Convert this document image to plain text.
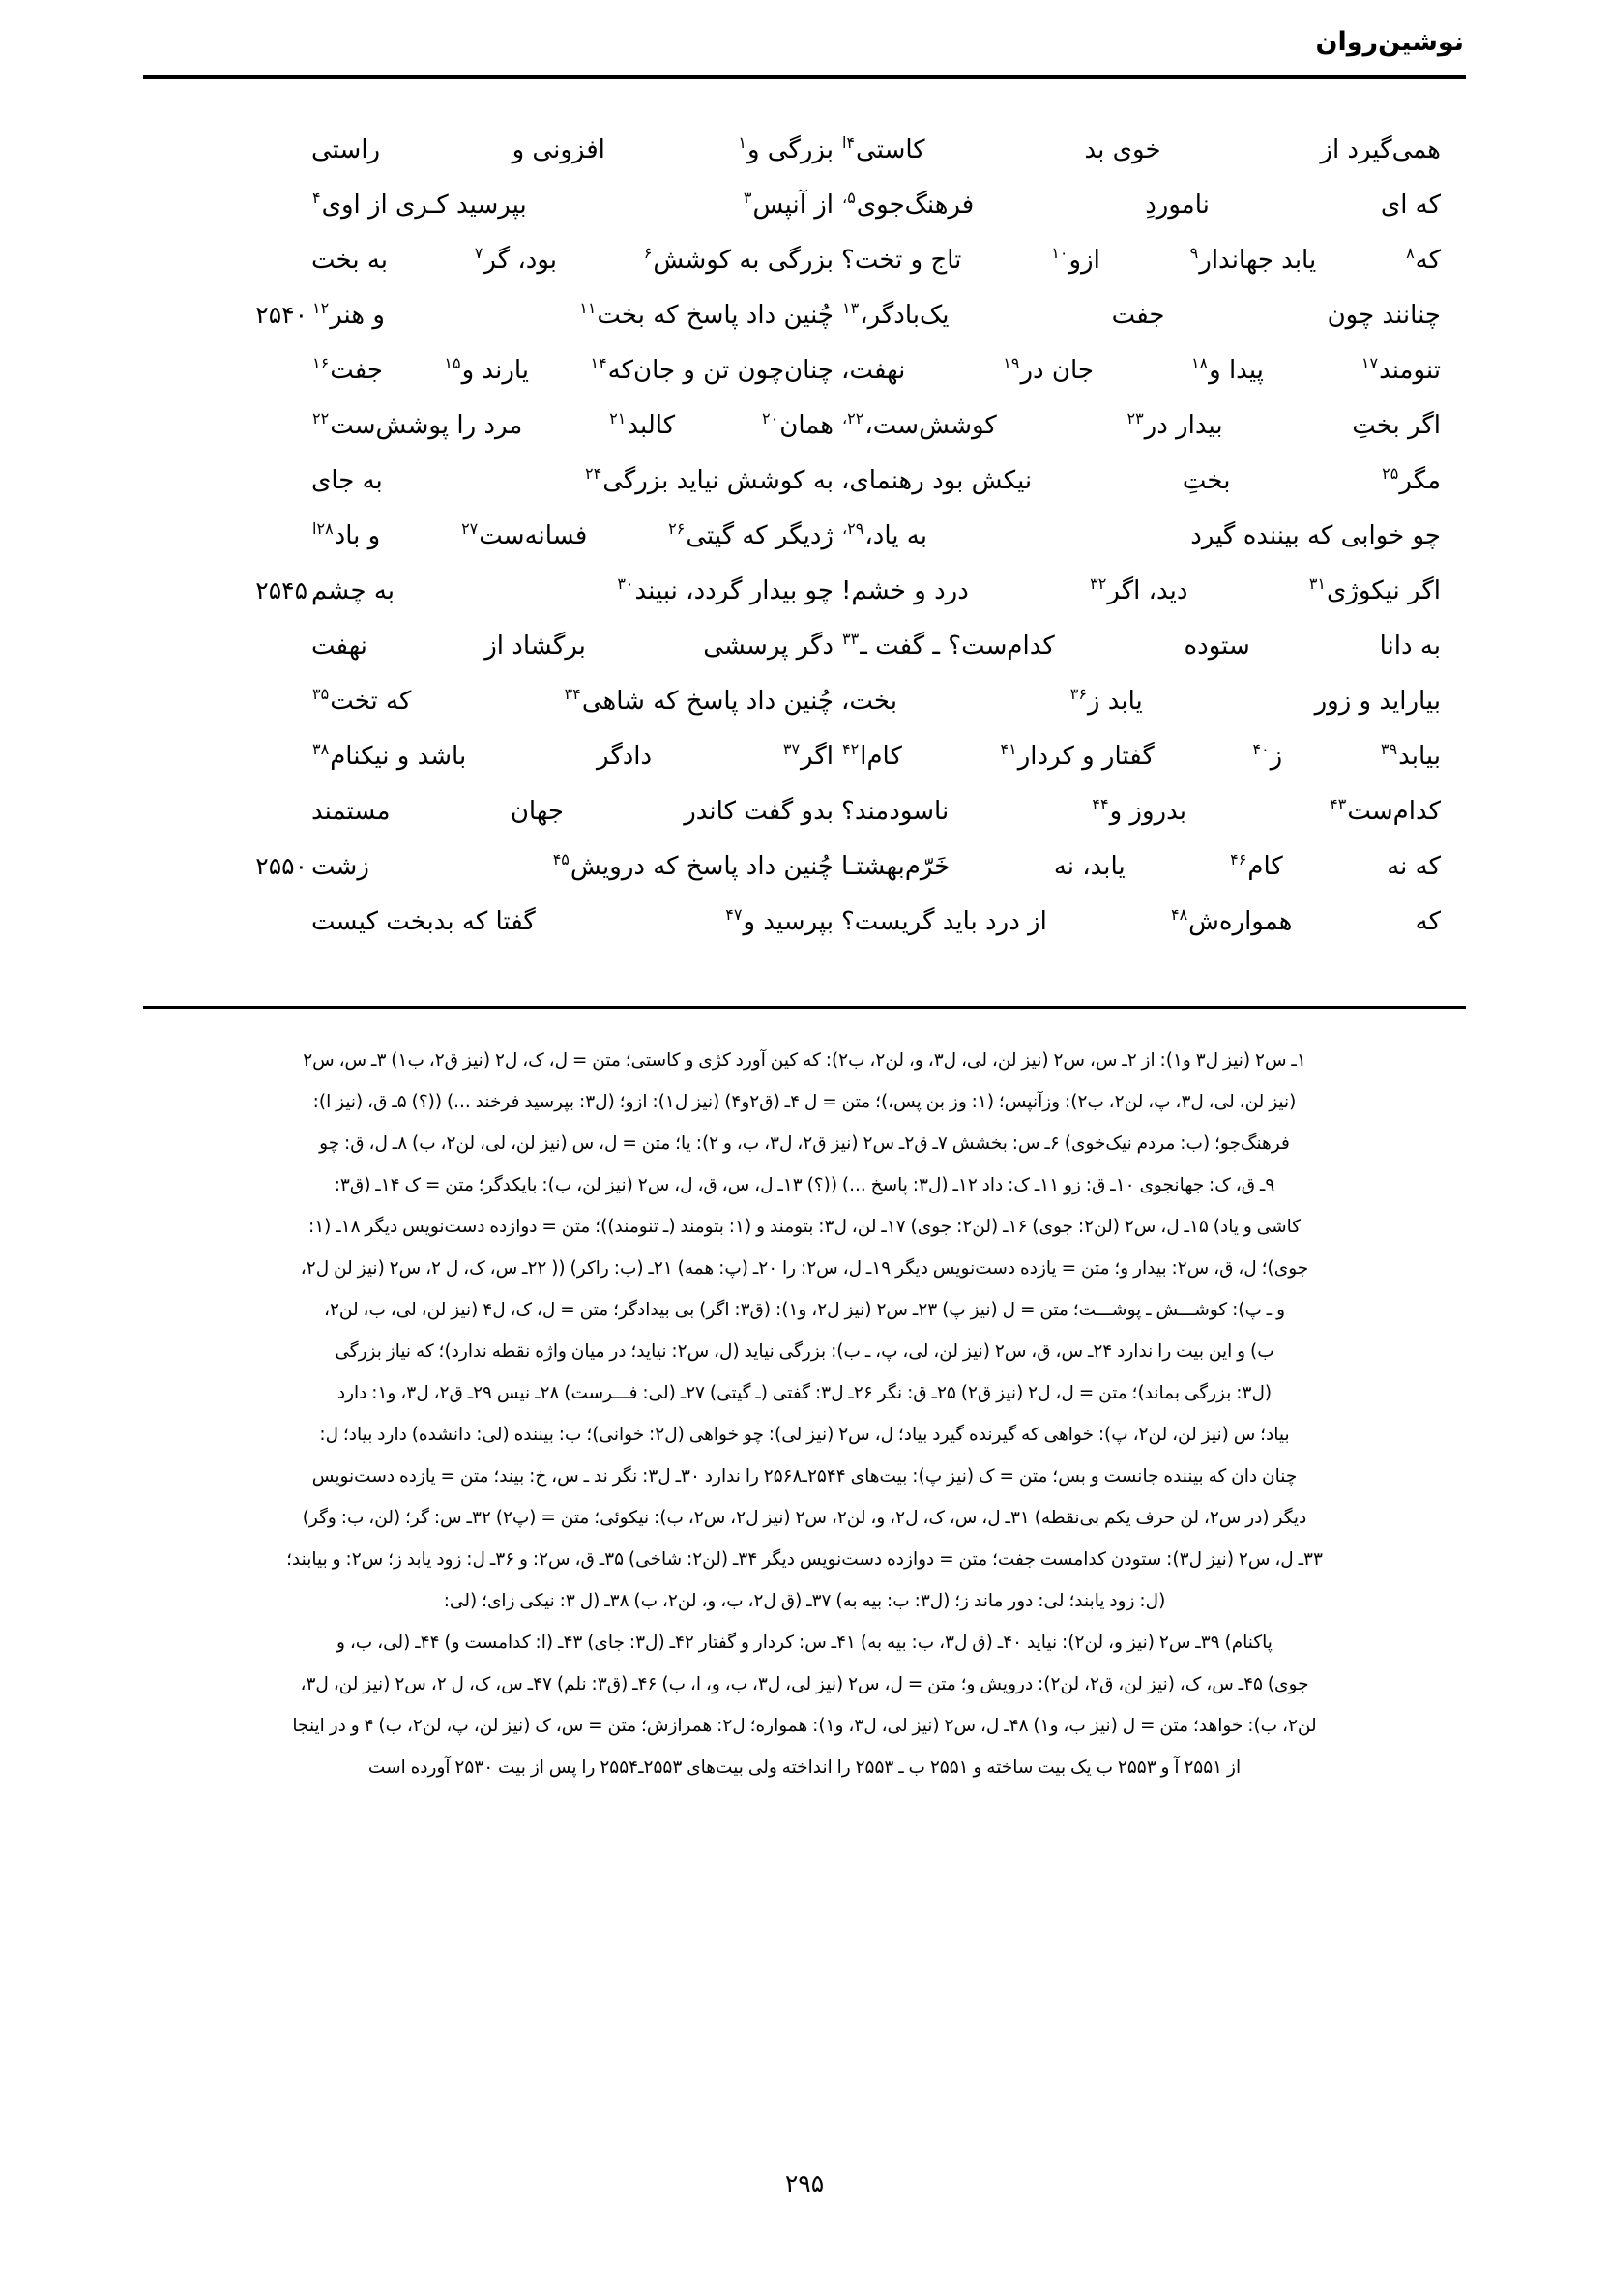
نوشین‌روان
همی‌گیرد از
خوی بد
کاستی$^{۴ا}$
بزرگی و$^۱$
افزونی و
راستی
که ای
ناموردِ
فرهنگ‌جوی$^{۵،}$
از آنپس$^۳$
بپرسید کـری از اوی$^۴$
که$^۸$
یابد جهاندار$^۹$
ازو$^{۱۰}$
تاج و تخت؟
بزرگی به کوشش$^۶$
بود، گر$^۷$
به بخت
چنانند چون
جفت
یک‌بادگر،$^{۱۳}$
چُنین داد پاسخ که بخت$^{۱۱}$
و هنر$^{۱۲}$
۲۵۴۰
تنومند$^{۱۷}$
پیدا و$^{۱۸}$
جان در$^{۱۹}$
نهفت،
چنان‌چون تن و جان‌که$^{۱۴}$
یارند و$^{۱۵}$
جفت$^{۱۶}$
اگر بختِ
بیدار در$^{۲۳}$
کوشش‌ست،$^{۲۲،}$
همان$^{۲۰}$
کالبد$^{۲۱}$
مرد را پوشش‌ست$^{۲۲}$
مگر$^{۲۵}$
بختِ
نیکش بود رهنمای،
به کوشش نیاید بزرگی$^{۲۴}$
به جای
چو خوابی که بیننده گیرد
به یاد،$^{۲۹،}$
ژدیگر که گیتی$^{۲۶}$
فسانه‌ست$^{۲۷}$
و باد$^{۲۸ا}$
اگر نیکوژی$^{۳۱}$
دید، اگر$^{۳۲}$
درد و خشم!
چو بیدار گردد، نبیند$^{۳۰}$
به چشم
۲۵۴۵
به دانا
ستوده
کدام‌ست؟ ـ گفت ـ$^{۳۳}$
دگر پرسشی
برگشاد از
نهفت
بیاراید و زور
یابد ز$^{۳۶}$
بخت،
چُنین داد پاسخ که شاهی$^{۳۴}$
که تخت$^{۳۵}$
بیابد$^{۳۹}$
ز$^{۴۰}$
گفتار و کردار$^{۴۱}$
کام‌ا$^{۴۲}$
اگر$^{۳۷}$
دادگر
باشد و نیکنام$^{۳۸}$
کدام‌ست$^{۴۳}$
بدروز و$^{۴۴}$
ناسودمند؟
بدو گفت کاندر
جهان
مستمند
که نه
کام$^{۴۶}$
یابد، نه
خَرّم‌بهشتـا
چُنین داد پاسخ که درویش$^{۴۵}$
زشت
۲۵۵۰
که
همواره‌ش$^{۴۸}$
از درد باید گریست؟
بپرسید و$^{۴۷}$
گفتا که بدبخت کیست

۱ـ س۲ (نیز ل۳ و۱): از ۲ـ س، س۲ (نیز لن، لی، ل۳، و، لن۲، ب۲): که کین آورد کژی و کاستی؛ متن = ل، ک، ل۲ (نیز ق۲، ب۱) ۳ـ س، س۲

(نیز لن، لی، ل۳، پ، لن۲، ب۲): وزآنپس؛ (۱: وز بن پس،)؛ متن = ل ۴ـ (ق۲و۴) (نیز ل۱): ازو؛ (ل۳: بپرسید فرخند ...) ((؟) ۵ـ ق، (نیز ا):

فرهنگ‌جو؛ (ب: مردم نیک‌خوی) ۶ـ س: بخشش ۷ـ ق۲ـ س۲ (نیز ق۲، ل۳، ب، و ۲): یا؛ متن = ل، س (نیز لن، لی، لن۲، ب) ۸ـ ل، ق: چو

۹ـ ق، ک: جهانجوی ۱۰ـ ق: زو ۱۱ـ ک: داد ۱۲ـ (ل۳: پاسخ ...) ((؟) ۱۳ـ ل، س، ق، ل، س۲ (نیز لن، ب): بایکدگر؛ متن = ک ۱۴ـ (ق۳:

کاشی و یاد) ۱۵ـ ل، س۲ (لن۲: جوی) ۱۶ـ (لن۲: جوی) ۱۷ـ لن، ل۳: بتومند و (۱: بتومند (ـ تنومند))؛ متن = دوازده دست‌نویس دیگر ۱۸ـ (۱:

جوی)؛ ل، ق، س۲: بیدار و؛ متن = یازده دست‌نویس دیگر ۱۹ـ ل، س۲: را ۲۰ـ (پ: همه) ۲۱ـ (ب: راکر) (( ۲۲ـ س، ک، ل ۲، س۲ (نیز لن ل۲،

و ـ پ): کوشـــش ـ پوشـــت؛ متن = ل (نیز پ) ۲۳ـ س۲ (نیز ل۲، و۱): (ق۳: اگر) بی بیدادگر؛ متن = ل، ک، ل۴ (نیز لن، لی، ب، لن۲،

ب) و این بیت را ندارد ۲۴ـ س، ق، س۲ (نیز لن، لی، پ، ـ ب): بزرگی نیاید (ل، س۲: نیاید؛ در میان واژه نقطه ندارد)؛ که نیاز بزرگی

(ل۳: بزرگی بماند)؛ متن = ل، ل۲ (نیز ق۲) ۲۵ـ ق: نگر ۲۶ـ ل۳: گفتی (ـ گیتی) ۲۷ـ (لی: فـــرست) ۲۸ـ نیس ۲۹ـ ق۲، ل۳، و۱: دارد

بیاد؛ س (نیز لن، لن۲، پ): خواهی که گیرنده گیرد بیاد؛ ل، س۲ (نیز لی): چو خواهی (ل۲: خوانی)؛ ب: بیننده (لی: دانشده) دارد بیاد؛ ل:

چنان دان که بیننده جانست و بس؛ متن = ک (نیز پ): بیت‌های ۲۵۴۴ـ۲۵۶۸ را ندارد ۳۰ـ ل۳: نگر ند ـ س، خ: بیند؛ متن = یازده دست‌نویس

دیگر (در س۲، لن حرف یکم بی‌نقطه) ۳۱ـ ل، س، ک، ل۲، و، لن۲، س۲ (نیز ل۲، س۲، ب): نیکوئی؛ متن = (پ۲) ۳۲ـ س: گر؛ (لن، ب: وگر)

۳۳ـ ل، س۲ (نیز ل۳): ستودن کدامست جفت؛ متن = دوازده دست‌نویس دیگر ۳۴ـ (لن۲: شاخی) ۳۵ـ ق، س۲: و ۳۶ـ ل: زود یابد ز؛ س۲: و بیابند؛

(ل: زود یابند؛ لی: دور ماند ز؛ (ل۳: ب: بیه به) ۳۷ـ (ق ل۲، ب، و، لن۲، ب) ۳۸ـ (ل ۳: نیکی زای؛ (لی:

پاکنام) ۳۹ـ س۲ (نیز و، لن۲): نیاید ۴۰ـ (ق ل۳، ب: بیه به) ۴۱ـ س: کردار و گفتار ۴۲ـ (ل۳: جای) ۴۳ـ (ا: کدامست و) ۴۴ـ (لی، ب، و

جوی) ۴۵ـ س، ک، (نیز لن، ق۲، لن۲): درویش و؛ متن = ل، س۲ (نیز لی، ل۳، ب، و، ا، ب) ۴۶ـ (ق۳: نلم) ۴۷ـ س، ک، ل ۲، س۲ (نیز لن، ل۳،

لن۲، ب): خواهد؛ متن = ل (نیز ب، و۱) ۴۸ـ ل، س۲ (نیز لی، ل۳، و۱): همواره؛ ل۲: همراز‌ش؛ متن = س، ک (نیز لن، پ، لن۲، ب) ۴ و در اینجا

از ۲۵۵۱ آ و ۲۵۵۳ ب یک بیت ساخته و ۲۵۵۱ ب ـ ۲۵۵۳ را انداخته ولی بیت‌های ۲۵۵۳ـ۲۵۵۴ را پس از بیت ۲۵۳۰ آورده است

۲۹۵
